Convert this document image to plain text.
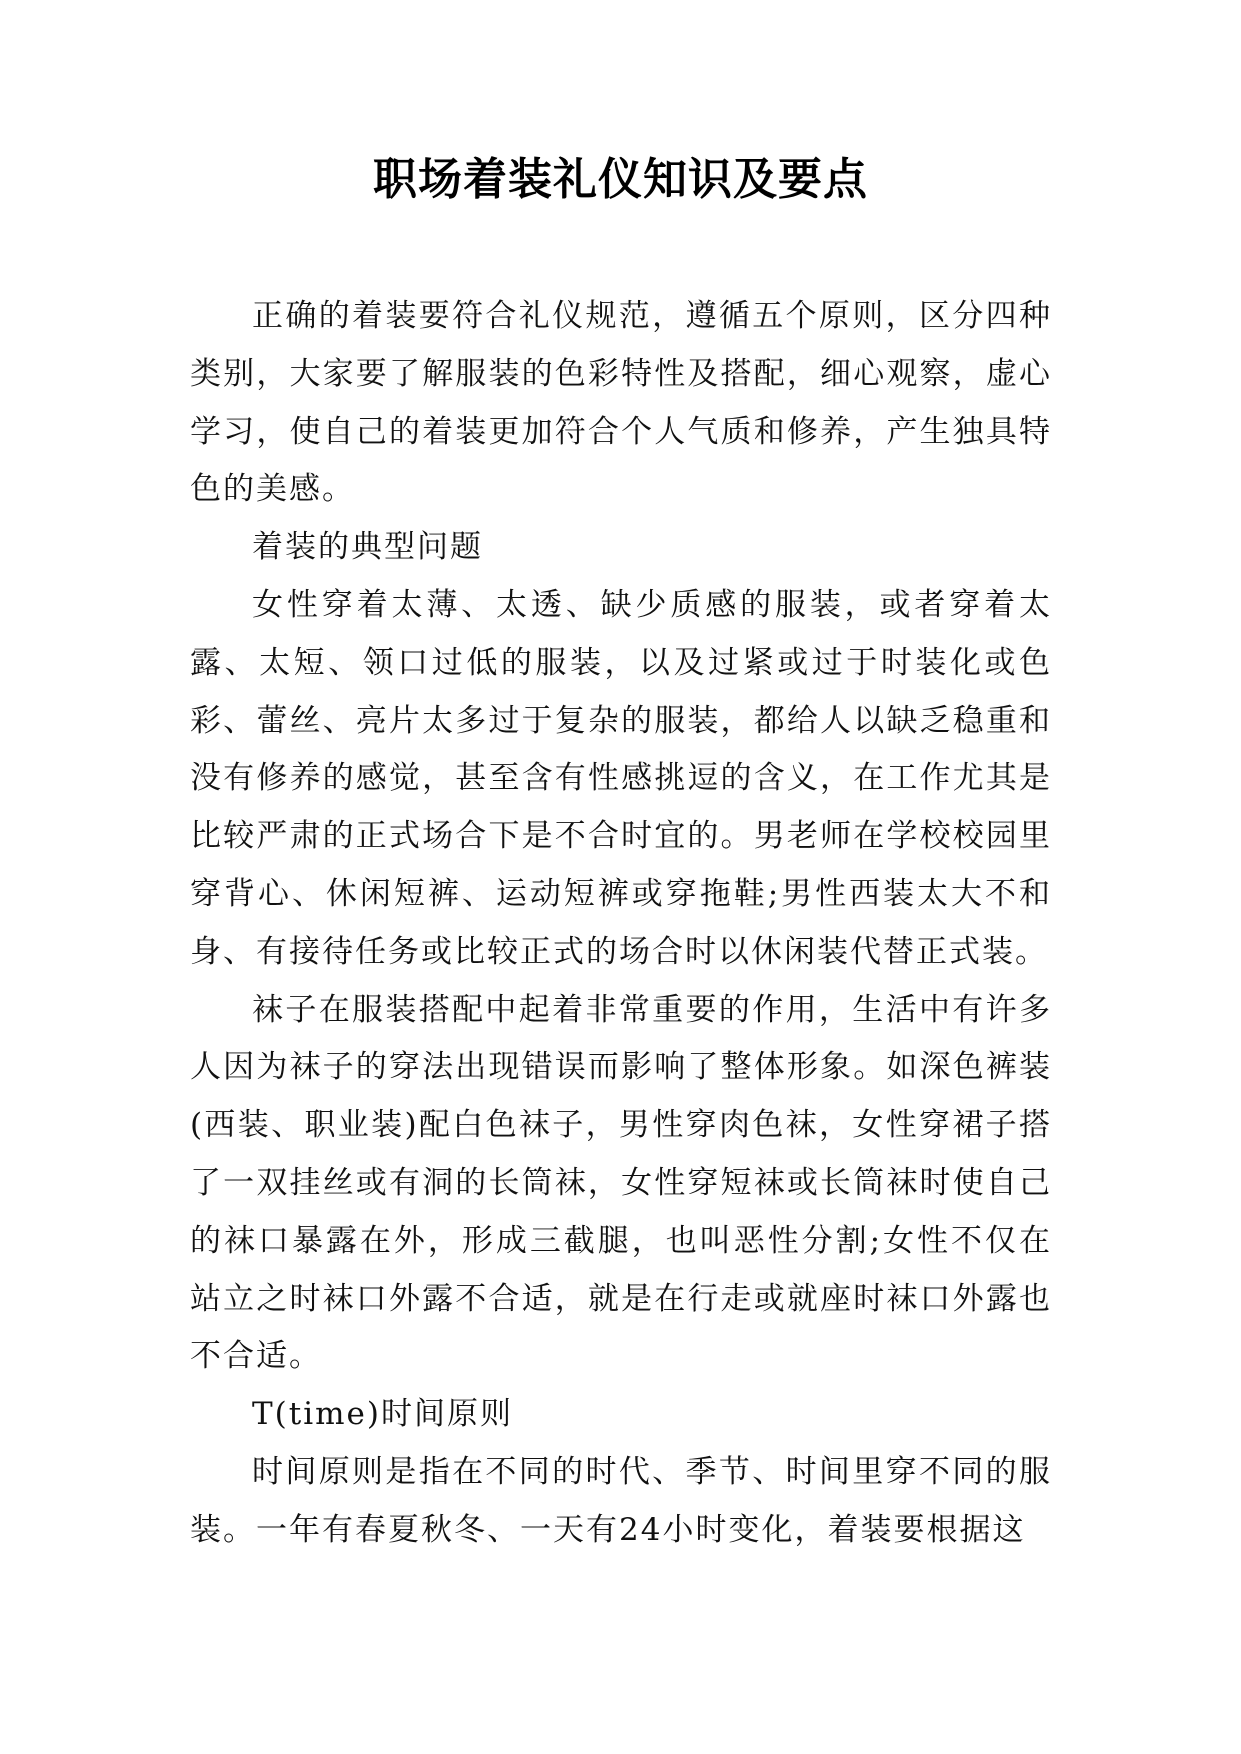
职场着装礼仪知识及要点

正确的着装要符合礼仪规范，遵循五个原则，区分四种类别，大家要了解服装的色彩特性及搭配，细心观察，虚心学习，使自己的着装更加符合个人气质和修养，产生独具特色的美感。

着装的典型问题

女性穿着太薄、太透、缺少质感的服装，或者穿着太露、太短、领口过低的服装，以及过紧或过于时装化或色彩、蕾丝、亮片太多过于复杂的服装，都给人以缺乏稳重和没有修养的感觉，甚至含有性感挑逗的含义，在工作尤其是比较严肃的正式场合下是不合时宜的。男老师在学校校园里穿背心、休闲短裤、运动短裤或穿拖鞋;男性西装太大不和身、有接待任务或比较正式的场合时以休闲装代替正式装。

袜子在服装搭配中起着非常重要的作用，生活中有许多人因为袜子的穿法出现错误而影响了整体形象。如深色裤装(西装、职业装)配白色袜子，男性穿肉色袜，女性穿裙子搭了一双挂丝或有洞的长筒袜，女性穿短袜或长筒袜时使自己的袜口暴露在外，形成三截腿，也叫恶性分割;女性不仅在站立之时袜口外露不合适，就是在行走或就座时袜口外露也不合适。

T(time)时间原则

时间原则是指在不同的时代、季节、时间里穿不同的服装。一年有春夏秋冬、一天有24小时变化，着装要根据这
